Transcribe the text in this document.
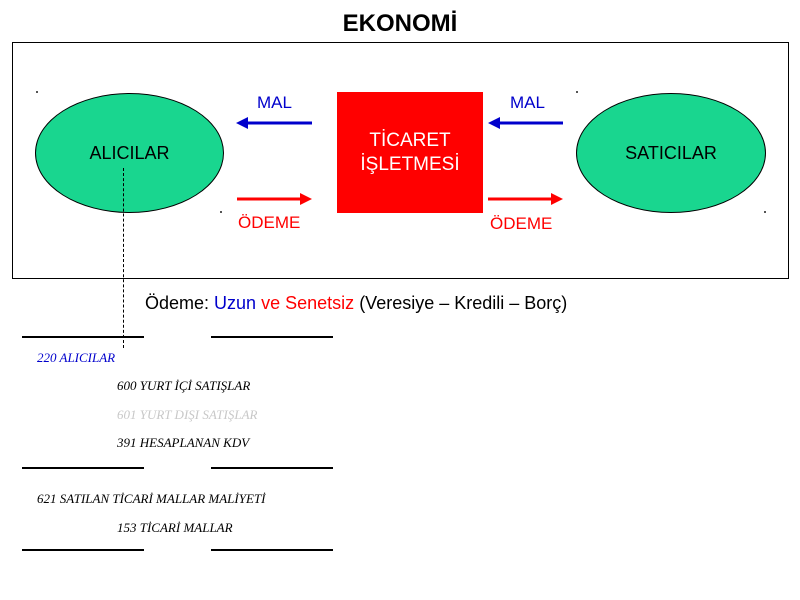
EKONOMİ
ALICILAR	SATICILAR
TİCARET
İŞLETMESİ
MAL	MAL
ÖDEME	ÖDEME
Ödeme: Uzun ve Senetsiz (Veresiye – Kredili – Borç)
220 ALICILAR
600 YURT İÇİ SATIŞLAR
601 YURT DIŞI SATIŞLAR
391 HESAPLANAN KDV
621 SATILAN TİCARİ MALLAR MALİYETİ
153 TİCARİ MALLAR
